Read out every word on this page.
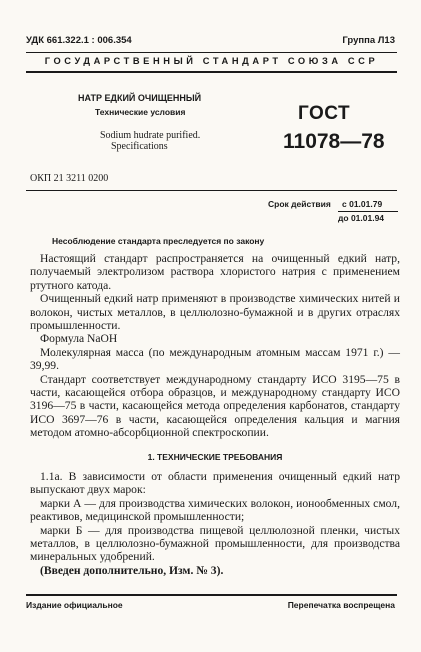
УДК 661.322.1 : 006.354	Группа Л13
ГОСУДАРСТВЕННЫЙ СТАНДАРТ СОЮЗА ССР
НАТР ЕДКИЙ ОЧИЩЕННЫЙ
Технические условия
Sodium hudrate purified.
Specifications
ГОСТ
11078—78
ОКП 21 3211 0200
Срок действия с 01.01.79
до 01.01.94
Несоблюдение стандарта преследуется по закону

Настоящий стандарт распространяется на очищенный едкий натр, получаемый электролизом раствора хлористого натрия с применением ртутного катода.

Очищенный едкий натр применяют в производстве химических нитей и волокон, чистых металлов, в целлюлозно-бумажной и в других отраслях промышленности.

Формула NaOH

Молекулярная масса (по международным атомным массам 1971 г.) — 39,99.

Стандарт соответствует международному стандарту ИСО 3195—75 в части, касающейся отбора образцов, и международному стандарту ИСО 3196—75 в части, касающейся метода определения карбонатов, стандарту ИСО 3697—76 в части, касающейся определения кальция и магния методом атомно-абсорбционной спектроскопии.

1. ТЕХНИЧЕСКИЕ ТРЕБОВАНИЯ

1.1а. В зависимости от области применения очищенный едкий натр выпускают двух марок:

марки А — для производства химических волокон, ионообменных смол, реактивов, медицинской промышленности;

марки Б — для производства пищевой целлюлозной пленки, чистых металлов, в целлюлозно-бумажной промышленности, для производства минеральных удобрений.

(Введен дополнительно, Изм. № 3).

Издание официальное	Перепечатка воспрещена
